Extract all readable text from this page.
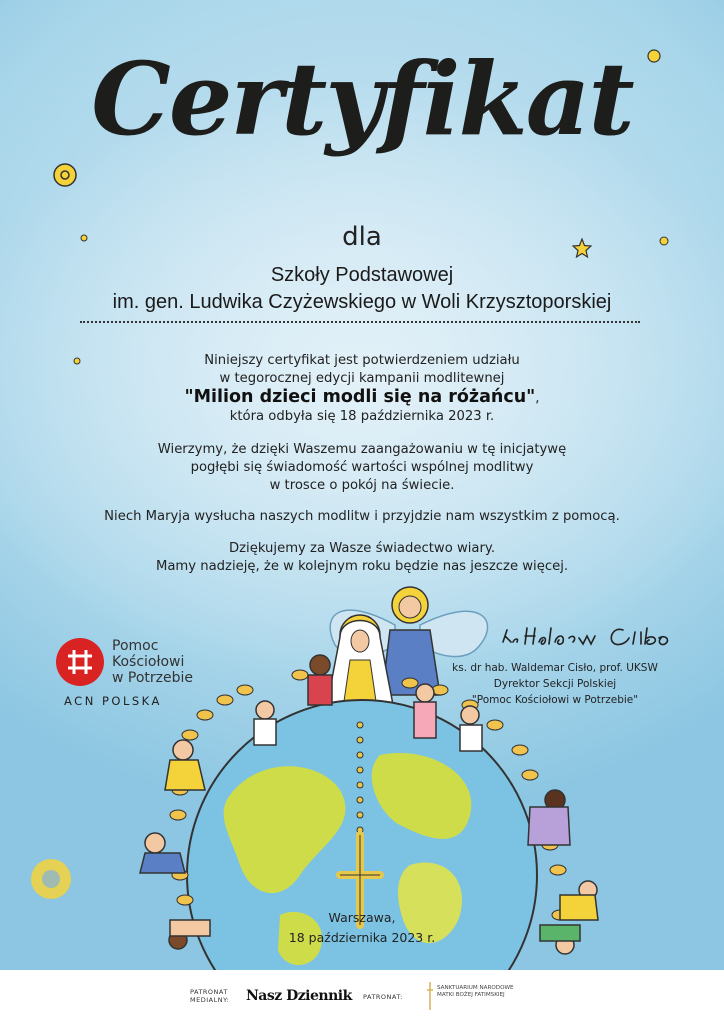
Certyfikat
dla
Szkoły Podstawowej
im. gen. Ludwika Czyżewskiego w Woli Krzysztoporskiej
Niniejszy certyfikat jest potwierdzeniem udziału
w tegorocznej edycji kampanii modlitewnej
"Milion dzieci modli się na różańcu",
która odbyła się 18 października 2023 r.
Wierzymy, że dzięki Waszemu zaangażowaniu w tę inicjatywę
pogłębi się świadomość wartości wspólnej modlitwy
w trosce o pokój na świecie.
Niech Maryja wysłucha naszych modlitw i przyjdzie nam wszystkim z pomocą.
Dziękujemy za Wasze świadectwo wiary.
Mamy nadzieję, że w kolejnym roku będzie nas jeszcze więcej.
Pomoc
Kościołowi
w Potrzebie
ACN POLSKA
ks. dr hab. Waldemar Cisło, prof. UKSW
Dyrektor Sekcji Polskiej
"Pomoc Kościołowi w Potrzebie"
Warszawa,
18 października 2023 r.
PATRONAT
MEDIALNY: Nasz Dziennik PATRONAT:
SANKTUARIUM NARODOWE
MATKI BOŻEJ FATIMSKIEJ
